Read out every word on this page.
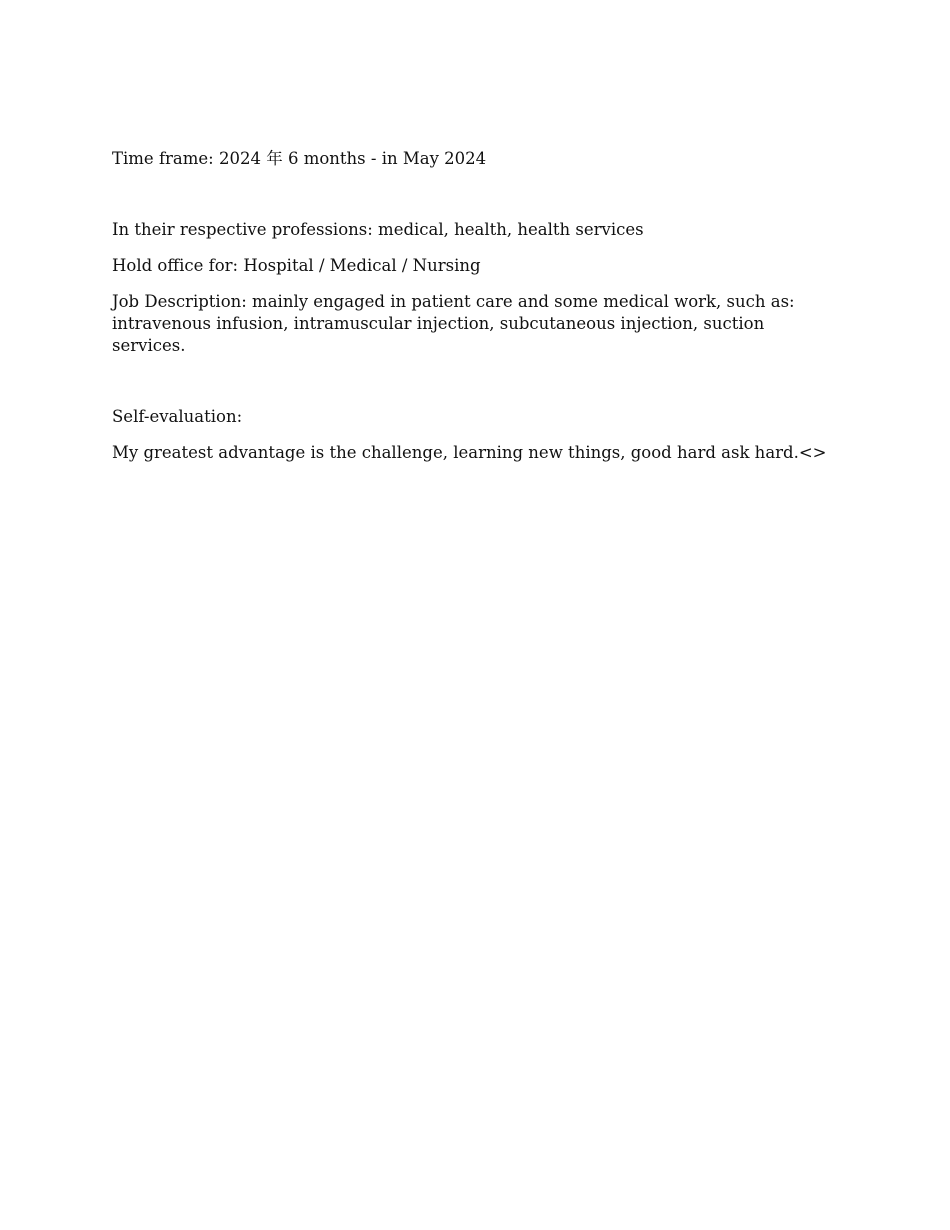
Time frame: 2024 年 6 months - in May 2024

In their respective professions: medical, health, health services

Hold office for: Hospital / Medical / Nursing

Job Description: mainly engaged in patient care and some medical work, such as:
intravenous infusion, intramuscular injection, subcutaneous injection, suction services.

Self-evaluation:

My greatest advantage is the challenge, learning new things, good hard ask hard.<>
